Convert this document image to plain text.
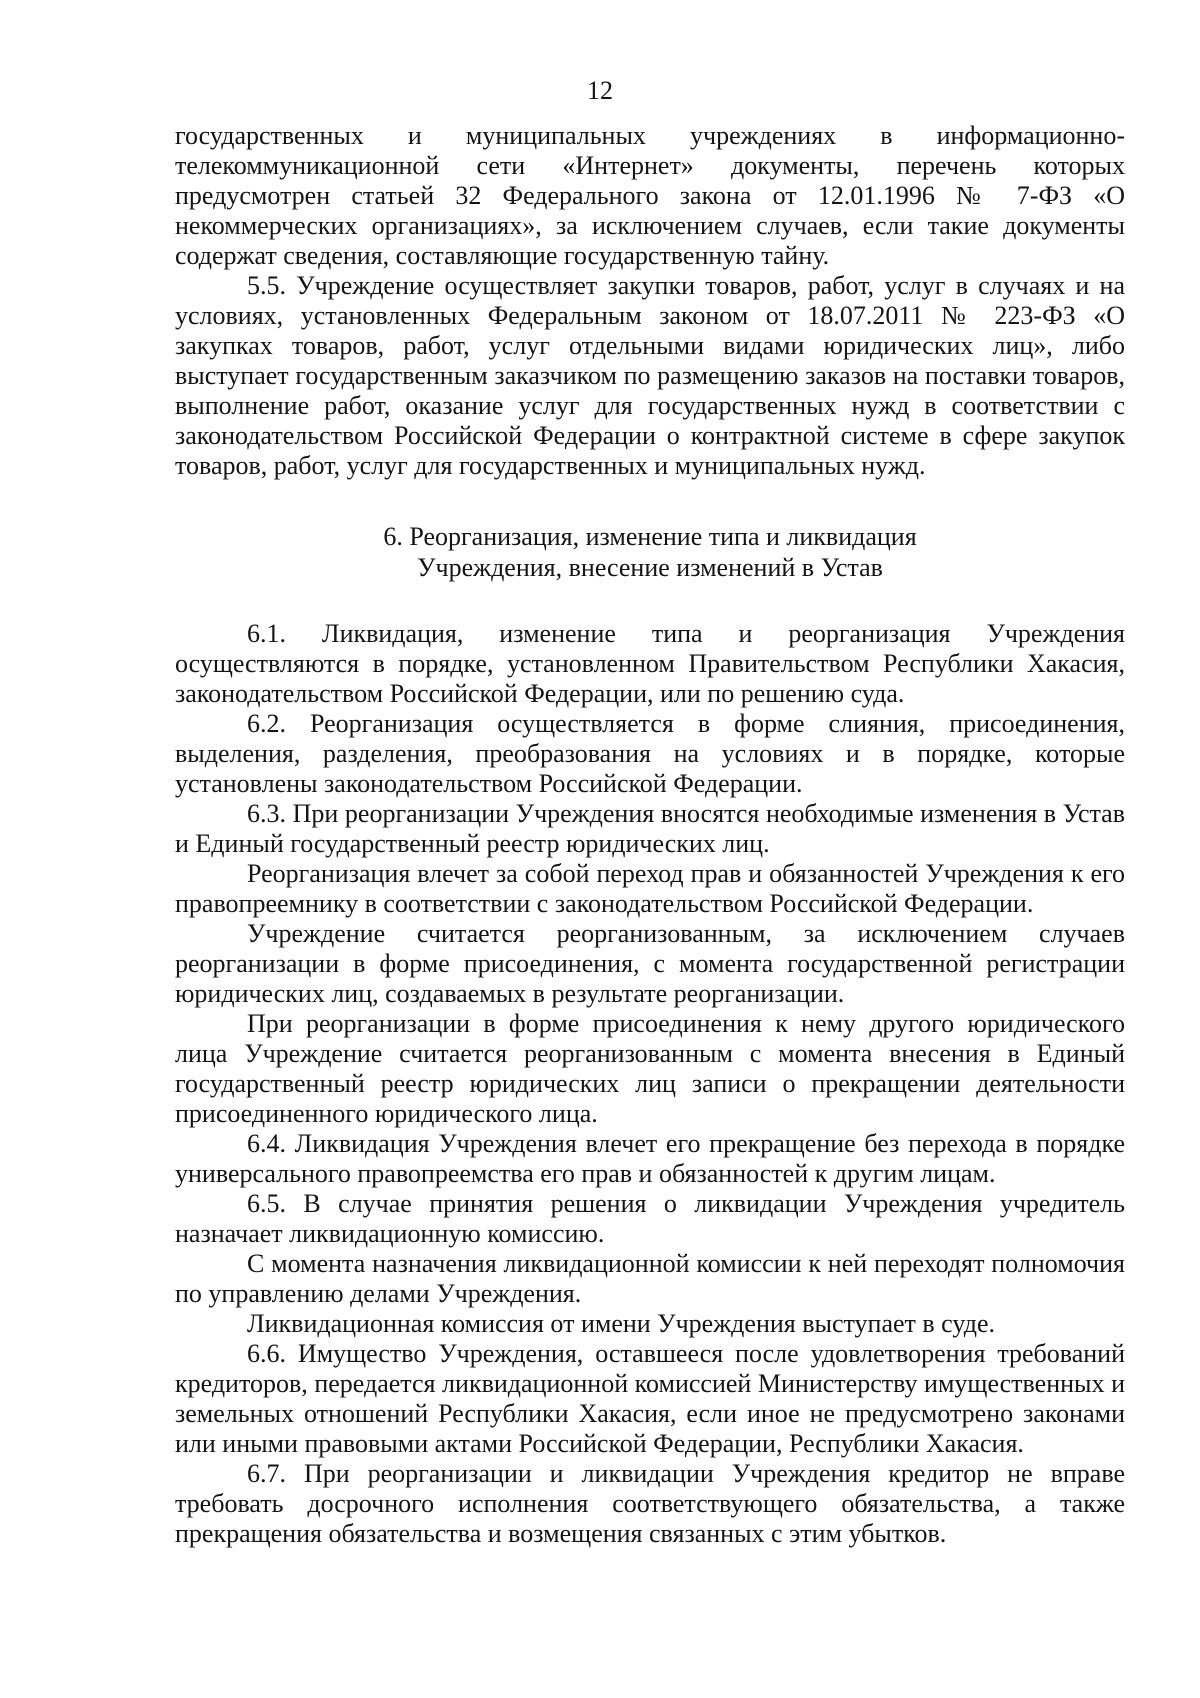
12

государственных и муниципальных учреждениях в информационно-телекоммуникационной сети «Интернет» документы, перечень которых предусмотрен статьей 32 Федерального закона от 12.01.1996 № 7-ФЗ «О некоммерческих организациях», за исключением случаев, если такие документы содержат сведения, составляющие государственную тайну.

5.5. Учреждение осуществляет закупки товаров, работ, услуг в случаях и на условиях, установленных Федеральным законом от 18.07.2011 № 223-ФЗ «О закупках товаров, работ, услуг отдельными видами юридических лиц», либо выступает государственным заказчиком по размещению заказов на поставки товаров, выполнение работ, оказание услуг для государственных нужд в соответствии с законодательством Российской Федерации о контрактной системе в сфере закупок товаров, работ, услуг для государственных и муниципальных нужд.

6. Реорганизация, изменение типа и ликвидация
Учреждения, внесение изменений в Устав

6.1. Ликвидация, изменение типа и реорганизация Учреждения осуществляются в порядке, установленном Правительством Республики Хакасия, законодательством Российской Федерации, или по решению суда.

6.2. Реорганизация осуществляется в форме слияния, присоединения, выделения, разделения, преобразования на условиях и в порядке, которые установлены законодательством Российской Федерации.

6.3. При реорганизации Учреждения вносятся необходимые изменения в Устав и Единый государственный реестр юридических лиц.

Реорганизация влечет за собой переход прав и обязанностей Учреждения к его правопреемнику в соответствии с законодательством Российской Федерации.

Учреждение считается реорганизованным, за исключением случаев реорганизации в форме присоединения, с момента государственной регистрации юридических лиц, создаваемых в результате реорганизации.

При реорганизации в форме присоединения к нему другого юридического лица Учреждение считается реорганизованным с момента внесения в Единый государственный реестр юридических лиц записи о прекращении деятельности присоединенного юридического лица.

6.4. Ликвидация Учреждения влечет его прекращение без перехода в порядке универсального правопреемства его прав и обязанностей к другим лицам.

6.5. В случае принятия решения о ликвидации Учреждения учредитель назначает ликвидационную комиссию.

С момента назначения ликвидационной комиссии к ней переходят полномочия по управлению делами Учреждения.

Ликвидационная комиссия от имени Учреждения выступает в суде.

6.6. Имущество Учреждения, оставшееся после удовлетворения требований кредиторов, передается ликвидационной комиссией Министерству имущественных и земельных отношений Республики Хакасия, если иное не предусмотрено законами или иными правовыми актами Российской Федерации, Республики Хакасия.

6.7. При реорганизации и ликвидации Учреждения кредитор не вправе требовать досрочного исполнения соответствующего обязательства, а также прекращения обязательства и возмещения связанных с этим убытков.
